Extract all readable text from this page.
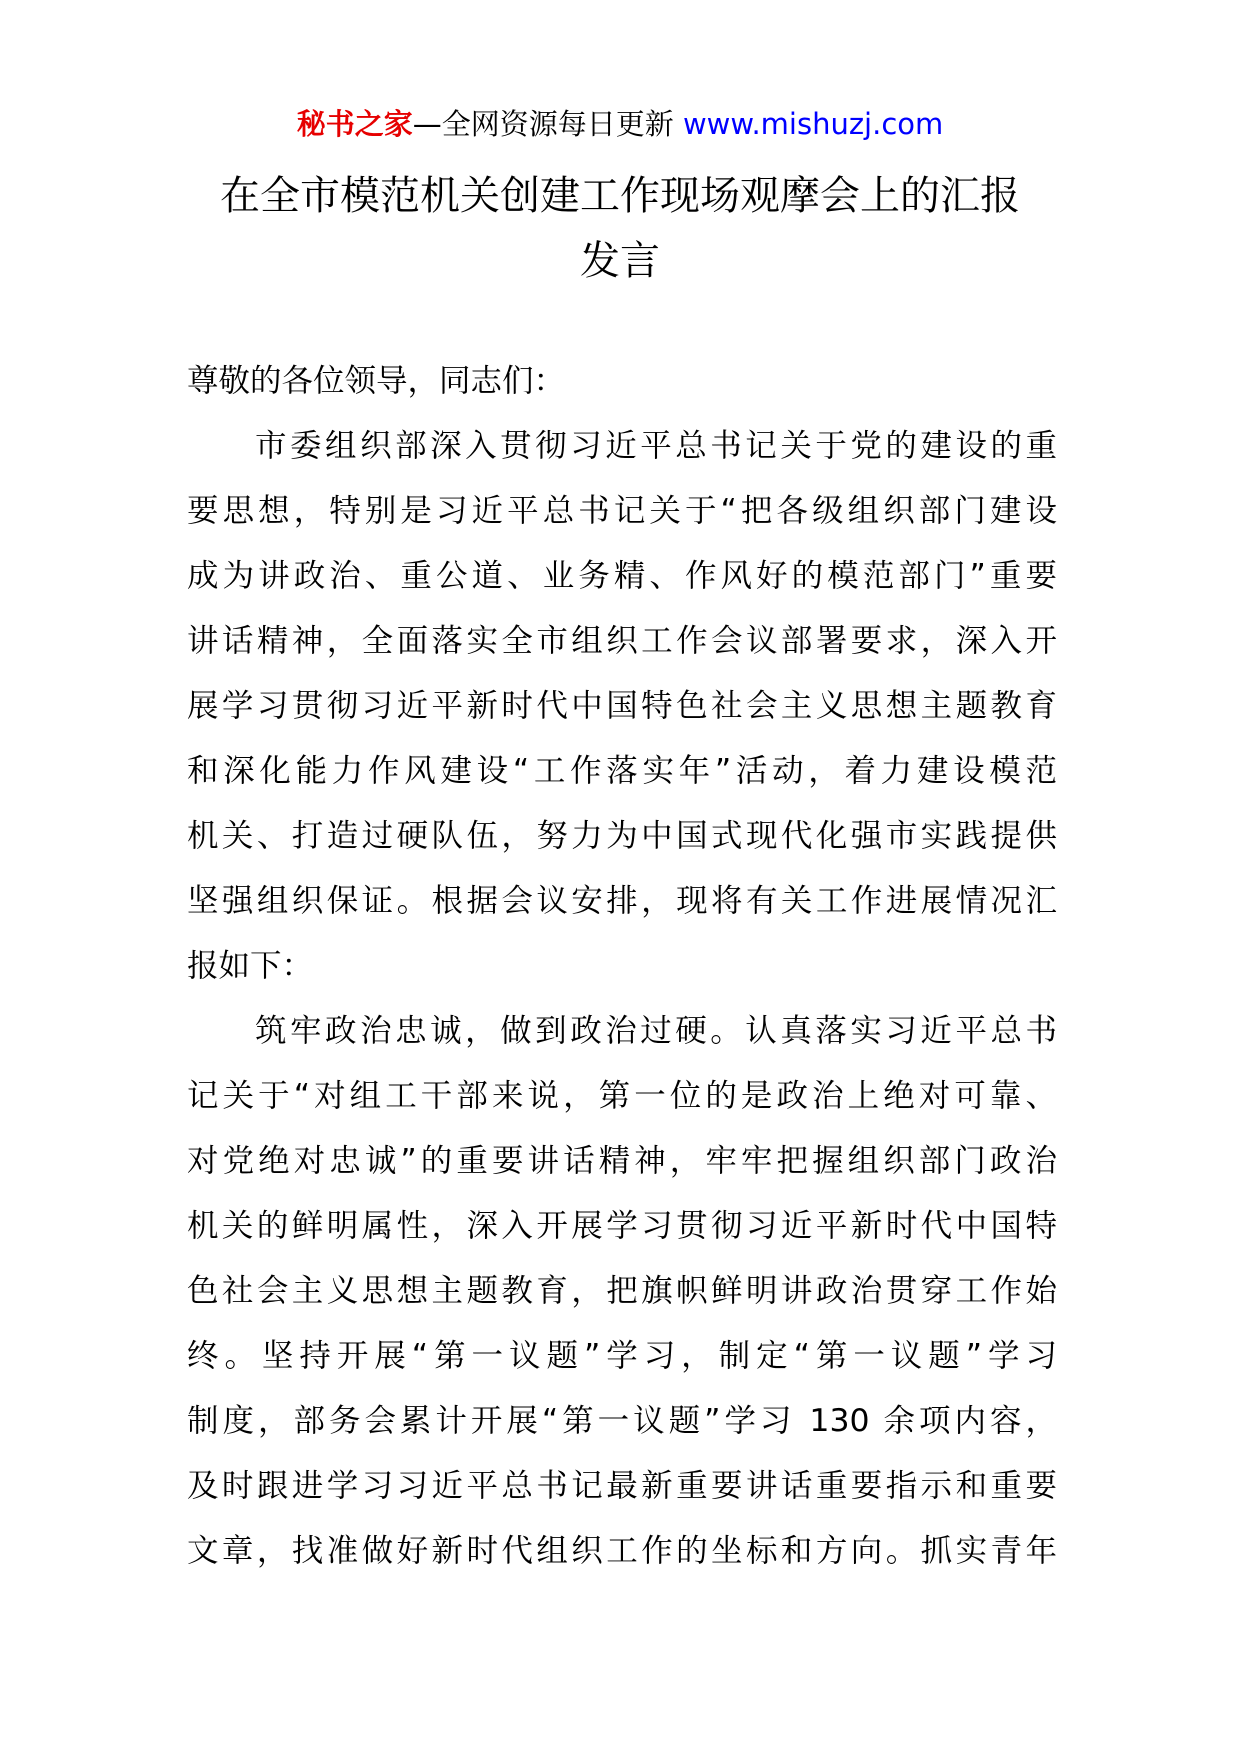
秘书之家—全网资源每日更新 www.mishuzj.com
在全市模范机关创建工作现场观摩会上的汇报
发言
尊敬的各位领导，同志们：
市委组织部深入贯彻习近平总书记关于党的建设的重
要思想，特别是习近平总书记关于“把各级组织部门建设
成为讲政治、重公道、业务精、作风好的模范部门”重要
讲话精神，全面落实全市组织工作会议部署要求，深入开
展学习贯彻习近平新时代中国特色社会主义思想主题教育
和深化能力作风建设“工作落实年”活动，着力建设模范
机关、打造过硬队伍，努力为中国式现代化强市实践提供
坚强组织保证。根据会议安排，现将有关工作进展情况汇
报如下：
筑牢政治忠诚，做到政治过硬。认真落实习近平总书
记关于“对组工干部来说，第一位的是政治上绝对可靠、
对党绝对忠诚”的重要讲话精神，牢牢把握组织部门政治
机关的鲜明属性，深入开展学习贯彻习近平新时代中国特
色社会主义思想主题教育，把旗帜鲜明讲政治贯穿工作始
终。坚持开展“第一议题”学习，制定“第一议题”学习
制度，部务会累计开展“第一议题”学习 130 余项内容，
及时跟进学习习近平总书记最新重要讲话重要指示和重要
文章，找准做好新时代组织工作的坐标和方向。抓实青年
